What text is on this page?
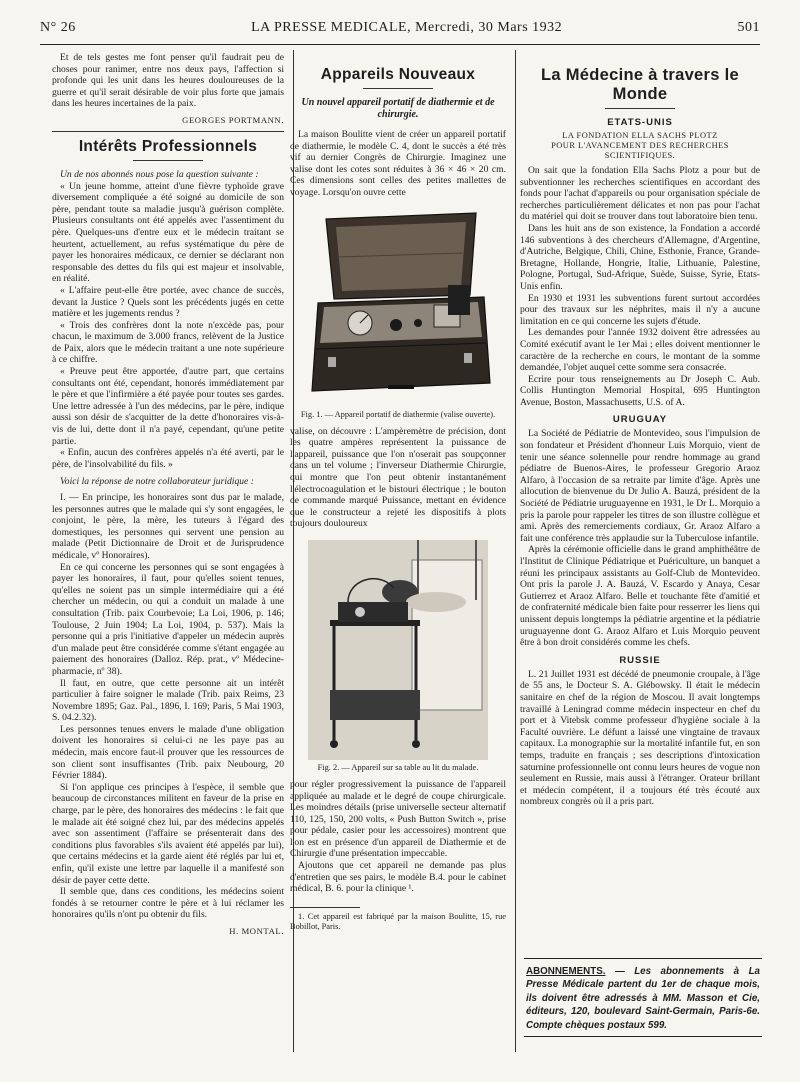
N° 26	LA PRESSE MEDICALE, Mercredi, 30 Mars 1932	501

Et de tels gestes me font penser qu'il faudrait peu de choses pour ranimer, entre nos deux pays, l'affection si profonde qui les unit dans les heures douloureuses de la guerre et qu'il serait désirable de voir plus forte que jamais dans les heures incertaines de la paix.

GEORGES PORTMANN.
Intérêts Professionnels

Un de nos abonnés nous pose la question suivante :

« Un jeune homme, atteint d'une fièvre typhoïde grave diversement compliquée a été soigné au domicile de son père, pendant toute sa maladie jusqu'à guérison complète. Plusieurs consultants ont été appelés avec l'assentiment du père. Quelques-uns d'entre eux et le médecin traitant se heurtent, actuellement, au refus systématique du père de payer les honoraires médicaux, ce dernier se déclarant non responsable des dettes du fils qui est majeur et insolvable, en réalité.

« L'affaire peut-elle être portée, avec chance de succès, devant la Justice ? Quels sont les précédents jugés en cette matière et les jugements rendus ?

« Trois des confrères dont la note n'excède pas, pour chacun, le maximum de 3.000 francs, relèvent de la Justice de Paix, alors que le médecin traitant a une note supérieure à ce chiffre.

« Preuve peut être apportée, d'autre part, que certains consultants ont été, cependant, honorés immédiatement par le père et que l'infirmière a été payée pour toutes ses gardes. Une lettre adressée à l'un des médecins, par le père, indique aussi son désir de s'acquitter de la dette d'honoraires vis-à-vis de lui, dette dont il n'a payé, cependant, qu'une petite partie.

« Enfin, aucun des confrères appelés n'a été averti, par le père, de l'insolvabilité du fils. »

Voici la réponse de notre collaborateur juridique :

I. — En principe, les honoraires sont dus par le malade, les personnes autres que le malade qui s'y sont engagées, le conjoint, le père, la mère, les tuteurs à l'égard des domestiques, les personnes qui servent une pension au malade (Petit Dictionnaire de Droit et de Jurisprudence médicale, vº Honoraires).

En ce qui concerne les personnes qui se sont engagées à payer les honoraires, il faut, pour qu'elles soient tenues, qu'elles ne soient pas un simple intermédiaire qui a été chercher un médecin, ou qui a conduit un malade à une consultation (Trib. paix Courbevoie; La Loi, 1906, p. 146; Toulouse, 2 Juin 1904; La Loi, 1904, p. 537). Mais la personne qui a pris l'initiative d'appeler un médecin auprès d'un malade peut être considérée comme s'étant engagée au paiement des honoraires (Dalloz. Rép. prat., vº Médecine-pharmacie, nº 38).

Il faut, en outre, que cette personne ait un intérêt particulier à faire soigner le malade (Trib. paix Reims, 23 Novembre 1895; Gaz. Pal., 1896, I. 169; Paris, 5 Mai 1903, S. 04.2.32).

Les personnes tenues envers le malade d'une obligation doivent les honoraires si celui-ci ne les paye pas au médecin, mais encore faut-il prouver que les ressources de son client sont insuffisantes (Trib. paix Neubourg, 20 Février 1884).

Si l'on applique ces principes à l'espèce, il semble que beaucoup de circonstances militent en faveur de la prise en charge, par le père, des honoraires des médecins : le fait que le malade ait été soigné chez lui, par des médecins appelés avec son assentiment (l'affaire se présenterait dans des conditions plus favorables s'ils avaient été appelés par lui), que certains médecins et la garde aient été réglés par lui et, enfin, qu'il existe une lettre par laquelle il a manifesté son désir de payer cette dette.

Il semble que, dans ces conditions, les médecins soient fondés à se retourner contre le père et à lui réclamer les honoraires qu'ils n'ont pu obtenir du fils.

H. MONTAL.
Appareils Nouveaux
Un nouvel appareil portatif de diathermie et de chirurgie.

La maison Boulitte vient de créer un appareil portatif de diathermie, le modèle C. 4, dont le succès a été très vif au dernier Congrès de Chirurgie. Imaginez une valise dont les cotes sont réduites à 36 × 46 × 20 cm. Ces dimensions sont celles des petites mallettes de voyage. Lorsqu'on ouvre cette

Fig. 1. — Appareil portatif de diathermie (valise ouverte).

valise, on découvre : L'ampèremètre de précision, dont les quatre ampères représentent la puissance de l'appareil, puissance que l'on n'oserait pas soupçonner dans un tel volume ; l'inverseur Diathermie Chirurgie, qui montre que l'on peut obtenir instantanément l'électrocoagulation et le bistouri électrique ; le bouton de commande marqué Puissance, mettant en évidence que le constructeur a rejeté les dispositifs à plots toujours douloureux

Fig. 2. — Appareil sur sa table au lit du malade.

pour régler progressivement la puissance de l'appareil appliquée au malade et le degré de coupe chirurgicale. Les moindres détails (prise universelle secteur alternatif 110, 125, 150, 200 volts, « Push Button Switch », prise pour pédale, casier pour les accessoires) montrent que l'on est en présence d'un appareil de Diathermie et de Chirurgie d'une présentation impeccable.

Ajoutons que cet appareil ne demande pas plus d'entretien que ses pairs, le modèle B.4. pour le cabinet médical, B. 6. pour la clinique ¹.

1. Cet appareil est fabriqué par la maison Boulitte, 15, rue Bobillot, Paris.

La Médecine à travers le Monde
ETATS-UNIS
LA FONDATION ELLA SACHS PLOTZ
POUR L'AVANCEMENT DES RECHERCHES SCIENTIFIQUES.

On sait que la fondation Ella Sachs Plotz a pour but de subventionner les recherches scientifiques en accordant des fonds pour l'achat d'appareils ou pour organisation spéciale de recherches particulièrement délicates et non pas pour l'achat du matériel qui doit se trouver dans tout laboratoire bien tenu.

Dans les huit ans de son existence, la Fondation a accordé 146 subventions à des chercheurs d'Allemagne, d'Argentine, d'Autriche, Belgique, Chili, Chine, Esthonie, France, Grande-Bretagne, Hollande, Hongrie, Italie, Lithuanie, Palestine, Pologne, Portugal, Sud-Afrique, Suède, Suisse, Syrie, Etats-Unis enfin.

En 1930 et 1931 les subventions furent surtout accordées pour des travaux sur les néphrites, mais il n'y a aucune limitation en ce qui concerne les sujets d'étude.

Les demandes pour l'année 1932 doivent être adressées au Comité exécutif avant le 1er Mai ; elles doivent mentionner le caractère de la recherche en cours, le montant de la somme demandée, l'objet auquel cette somme sera consacrée.

Ecrire pour tous renseignements au Dr Joseph C. Aub. Collis Huntington Memorial Hospital, 695 Huntington Avenue, Boston, Massachusetts, U.S. of A.

URUGUAY

La Société de Pédiatrie de Montevideo, sous l'impulsion de son fondateur et Président d'honneur Luis Morquio, vient de tenir une séance solennelle pour rendre hommage au grand pédiatre de Buenos-Aires, le professeur Gregorio Araoz Alfaro, à l'occasion de sa retraite par limite d'âge. Après une allocution de bienvenue du Dr Julio A. Bauzá, président de la Société de Pédiatrie uruguayenne en 1931, le Dr L. Morquio a pris la parole pour rappeler les titres de son illustre collègue et ami. Après des remerciements cordiaux, Gr. Araoz Alfaro a fait une conférence très applaudie sur la Tuberculose infantile.

Après la cérémonie officielle dans le grand amphithéâtre de l'Institut de Clinique Pédiatrique et Puériculture, un banquet a réuni les principaux assistants au Golf-Club de Montevideo. Ont pris la parole J. A. Bauzá, V. Escardo y Anaya, Cesar Gutierrez et Araoz Alfaro. Belle et touchante fête d'amitié et de confraternité médicale bien faite pour resserrer les liens qui unissent depuis longtemps la pédiatrie argentine et la pédiatrie uruguayenne dont G. Araoz Alfaro et Luis Morquio peuvent être à bon droit considérés comme les chefs.

RUSSIE

L. 21 Juillet 1931 est décédé de pneumonie croupale, à l'âge de 55 ans, le Docteur S. A. Glébowsky. Il était le médecin sanitaire en chef de la région de Moscou. Il avait longtemps travaillé à Leningrad comme médecin inspecteur en chef du port et à Vitebsk comme professeur d'hygiène sociale à la Faculté ouvrière. Le défunt a laissé une vingtaine de travaux capitaux. La monographie sur la mortalité infantile fut, en son temps, traduite en français ; ses descriptions d'intoxication saturnine professionnelle ont connu leurs heures de vogue non seulement en Russie, mais aussi à l'étranger. Orateur brillant et médecin compétent, il a toujours été très écouté aux nombreux congrès où il a pris part.

ABONNEMENTS. — Les abonnements à La Presse Médicale partent du 1er de chaque mois, ils doivent être adressés à MM. Masson et Cie, éditeurs, 120, boulevard Saint-Germain, Paris-6e. Compte chèques postaux 599.
